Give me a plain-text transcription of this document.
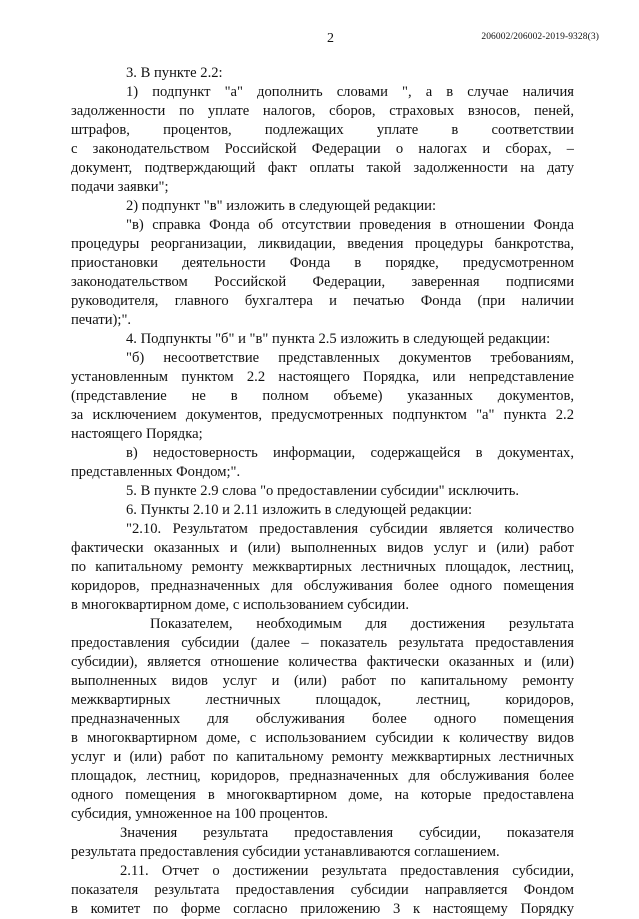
2	206002/206002-2019-9328(3)
3. В пункте 2.2:
1) подпункт "а" дополнить словами ", а в случае наличия
задолженности по уплате налогов, сборов, страховых взносов, пеней,
штрафов, процентов, подлежащих уплате в соответствии
с законодательством Российской Федерации о налогах и сборах, –
документ, подтверждающий факт оплаты такой задолженности на дату
подачи заявки";
2) подпункт "в" изложить в следующей редакции:
"в) справка Фонда об отсутствии проведения в отношении Фонда
процедуры реорганизации, ликвидации, введения процедуры банкротства,
приостановки деятельности Фонда в порядке, предусмотренном
законодательством Российской Федерации, заверенная подписями
руководителя, главного бухгалтера и печатью Фонда (при наличии
печати);".
4. Подпункты "б" и "в" пункта 2.5 изложить в следующей редакции:
"б) несоответствие представленных документов требованиям,
установленным пунктом 2.2 настоящего Порядка, или непредставление
(представление не в полном объеме) указанных документов,
за исключением документов, предусмотренных подпунктом "а" пункта 2.2
настоящего Порядка;
в) недостоверность информации, содержащейся в документах,
представленных Фондом;".
5. В пункте 2.9 слова "о предоставлении субсидии" исключить.
6. Пункты 2.10 и 2.11 изложить в следующей редакции:
"2.10. Результатом предоставления субсидии является количество
фактически оказанных и (или) выполненных видов услуг и (или) работ
по капитальному ремонту межквартирных лестничных площадок, лестниц,
коридоров, предназначенных для обслуживания более одного помещения
в многоквартирном доме, с использованием субсидии.
Показателем, необходимым для достижения результата
предоставления субсидии (далее – показатель результата предоставления
субсидии), является отношение количества фактически оказанных и (или)
выполненных видов услуг и (или) работ по капитальному ремонту
межквартирных лестничных площадок, лестниц, коридоров,
предназначенных для обслуживания более одного помещения
в многоквартирном доме, с использованием субсидии к количеству видов
услуг и (или) работ по капитальному ремонту межквартирных лестничных
площадок, лестниц, коридоров, предназначенных для обслуживания более
одного помещения в многоквартирном доме, на которые предоставлена
субсидия, умноженное на 100 процентов.
Значения результата предоставления субсидии, показателя
результата предоставления субсидии устанавливаются соглашением.
2.11. Отчет о достижении результата предоставления субсидии,
показателя результата предоставления субсидии направляется Фондом
в комитет по форме согласно приложению 3 к настоящему Порядку
